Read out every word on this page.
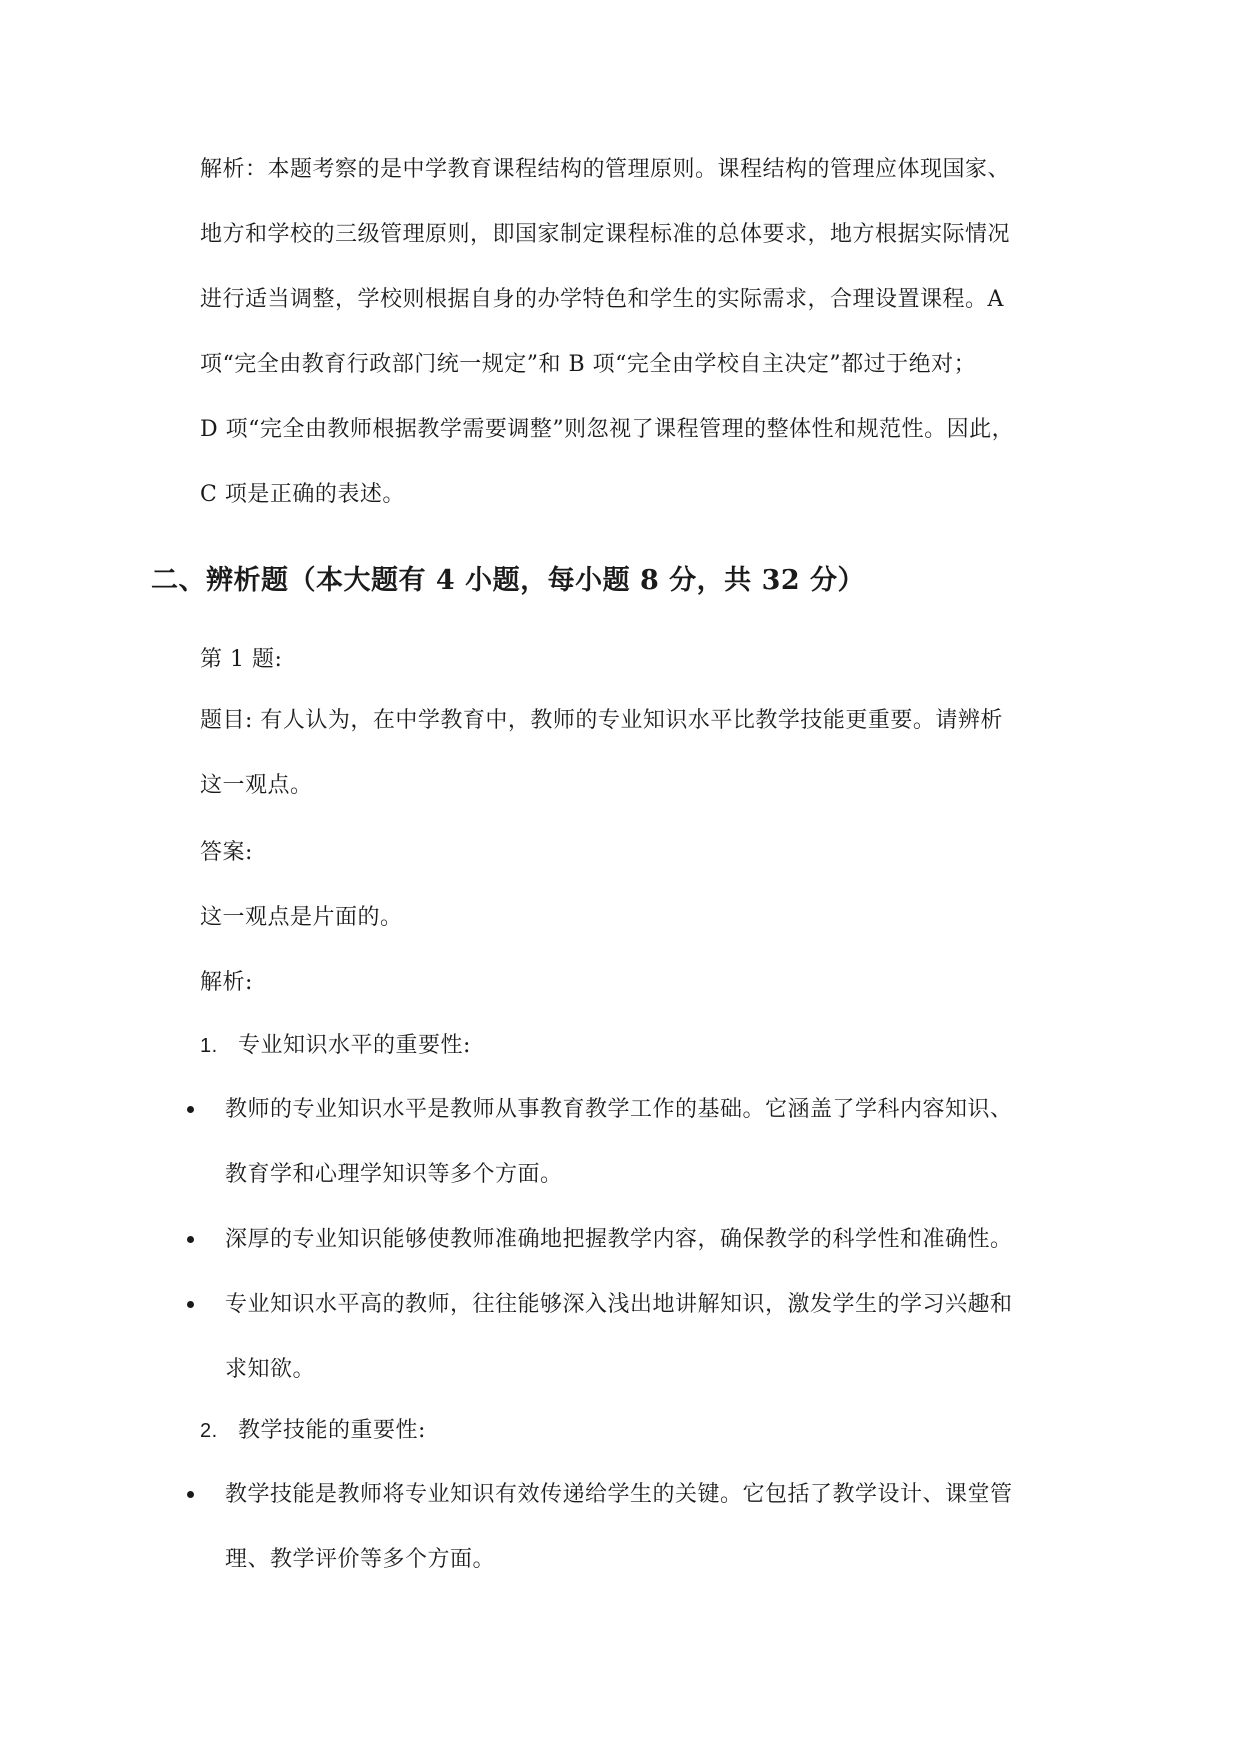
解析：本题考察的是中学教育课程结构的管理原则。课程结构的管理应体现国家、
地方和学校的三级管理原则，即国家制定课程标准的总体要求，地方根据实际情况
进行适当调整，学校则根据自身的办学特色和学生的实际需求，合理设置课程。A
项“完全由教育行政部门统一规定”和 B 项“完全由学校自主决定”都过于绝对；
D 项“完全由教师根据教学需要调整”则忽视了课程管理的整体性和规范性。因此，
C 项是正确的表述。
二、辨析题（本大题有 4 小题，每小题 8 分，共 32 分）

第 1 题:

题目: 有人认为，在中学教育中，教师的专业知识水平比教学技能更重要。请辨析
这一观点。

答案:

这一观点是片面的。

解析:

1. 专业知识水平的重要性:
教师的专业知识水平是教师从事教育教学工作的基础。它涵盖了学科内容知识、
教育学和心理学知识等多个方面。
深厚的专业知识能够使教师准确地把握教学内容，确保教学的科学性和准确性。
专业知识水平高的教师，往往能够深入浅出地讲解知识，激发学生的学习兴趣和
求知欲。
2. 教学技能的重要性:
教学技能是教师将专业知识有效传递给学生的关键。它包括了教学设计、课堂管
理、教学评价等多个方面。
